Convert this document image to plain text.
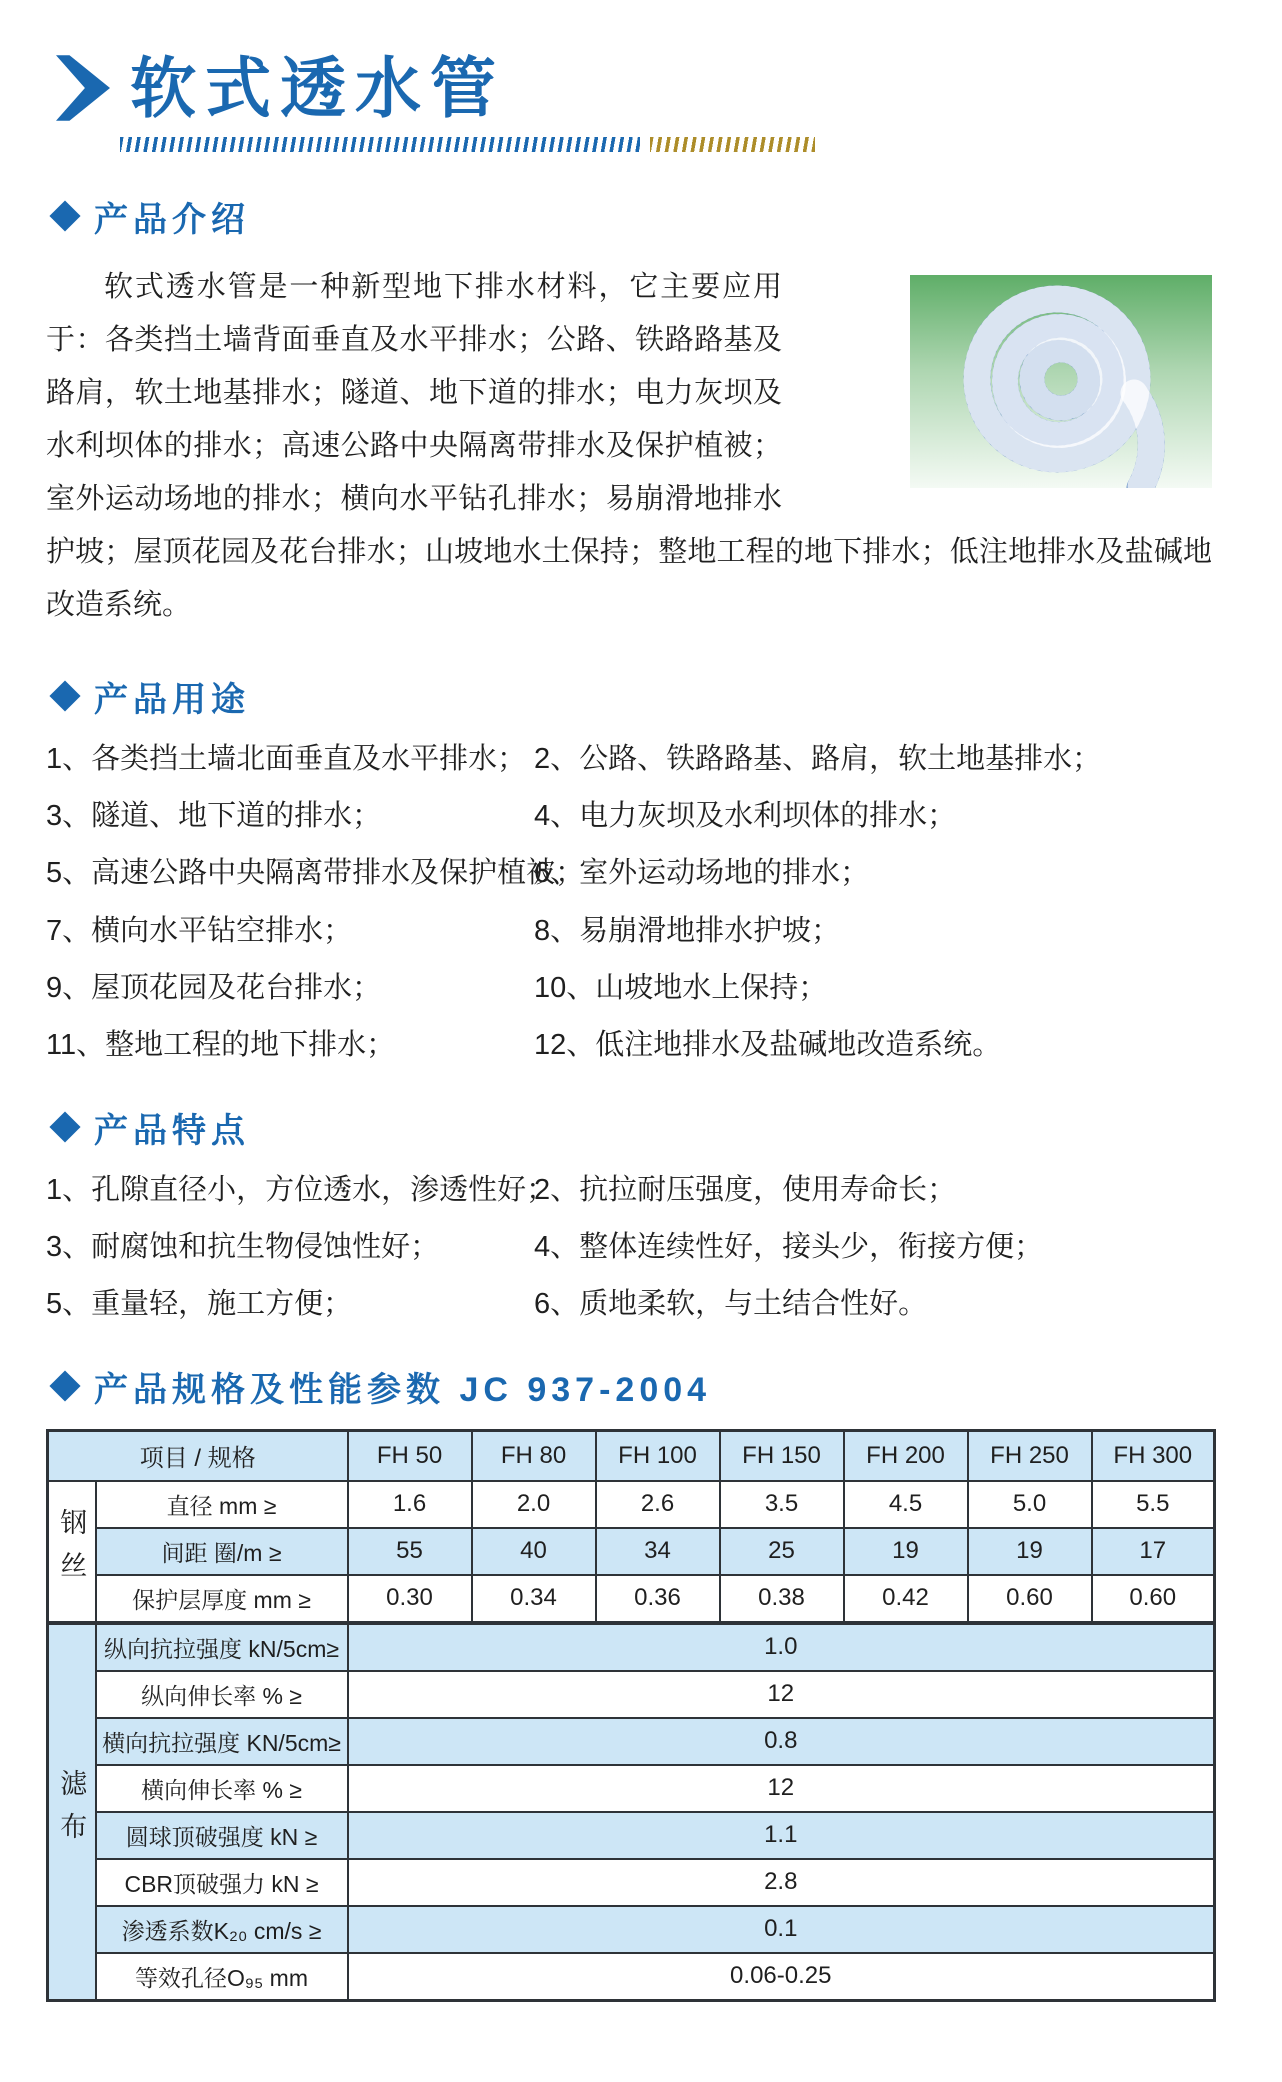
软式透水管
产品介绍

软式透水管是一种新型地下排水材料，它主要应用于：各类挡土墙背面垂直及水平排水；公路、铁路路基及路肩，软土地基排水；隧道、地下道的排水；电力灰坝及水利坝体的排水；高速公路中央隔离带排水及保护植被；室外运动场地的排水；横向水平钻孔排水；易崩滑地排水护坡；屋顶花园及花台排水；山坡地水土保持；整地工程的地下排水；低注地排水及盐碱地改造系统。

产品用途
1、各类挡土墙北面垂直及水平排水； 2、公路、铁路路基、路肩，软土地基排水；
3、隧道、地下道的排水；	4、电力灰坝及水利坝体的排水；
5、高速公路中央隔离带排水及保护植被；
6、室外运动场地的排水；
7、横向水平钻空排水；	8、易崩滑地排水护坡；
9、屋顶花园及花台排水；	10、山坡地水上保持；
11、整地工程的地下排水；	12、低注地排水及盐碱地改造系统。
产品特点
1、孔隙直径小，方位透水，渗透性好；
2、抗拉耐压强度，使用寿命长；
3、耐腐蚀和抗生物侵蚀性好；	4、整体连续性好，接头少，衔接方便；
5、重量轻，施工方便；	6、质地柔软，与土结合性好。
产品规格及性能参数 JC 937-2004
项目 / 规格		FH 50	FH 80	FH 100	FH 150	FH 200	FH 250	FH 300
钢丝	直径 mm ≥	1.6	2.0	2.6	3.5	4.5	5.0	5.5
	间距 圈/m ≥	55	40	34	25	19	19	17
	保护层厚度 mm ≥	0.30	0.34	0.36	0.38	0.42	0.60	0.60
滤布	纵向抗拉强度 kN/5cm≥	1.0						
	纵向伸长率 % ≥	12						
	横向抗拉强度 KN/5cm≥	0.8						
	横向伸长率 % ≥	12						
	圆球顶破强度 kN ≥	1.1						
	CBR顶破强力 kN ≥	2.8						
	渗透系数K₂₀ cm/s ≥	0.1						
	等效孔径O₉₅ mm	0.06-0.25						
